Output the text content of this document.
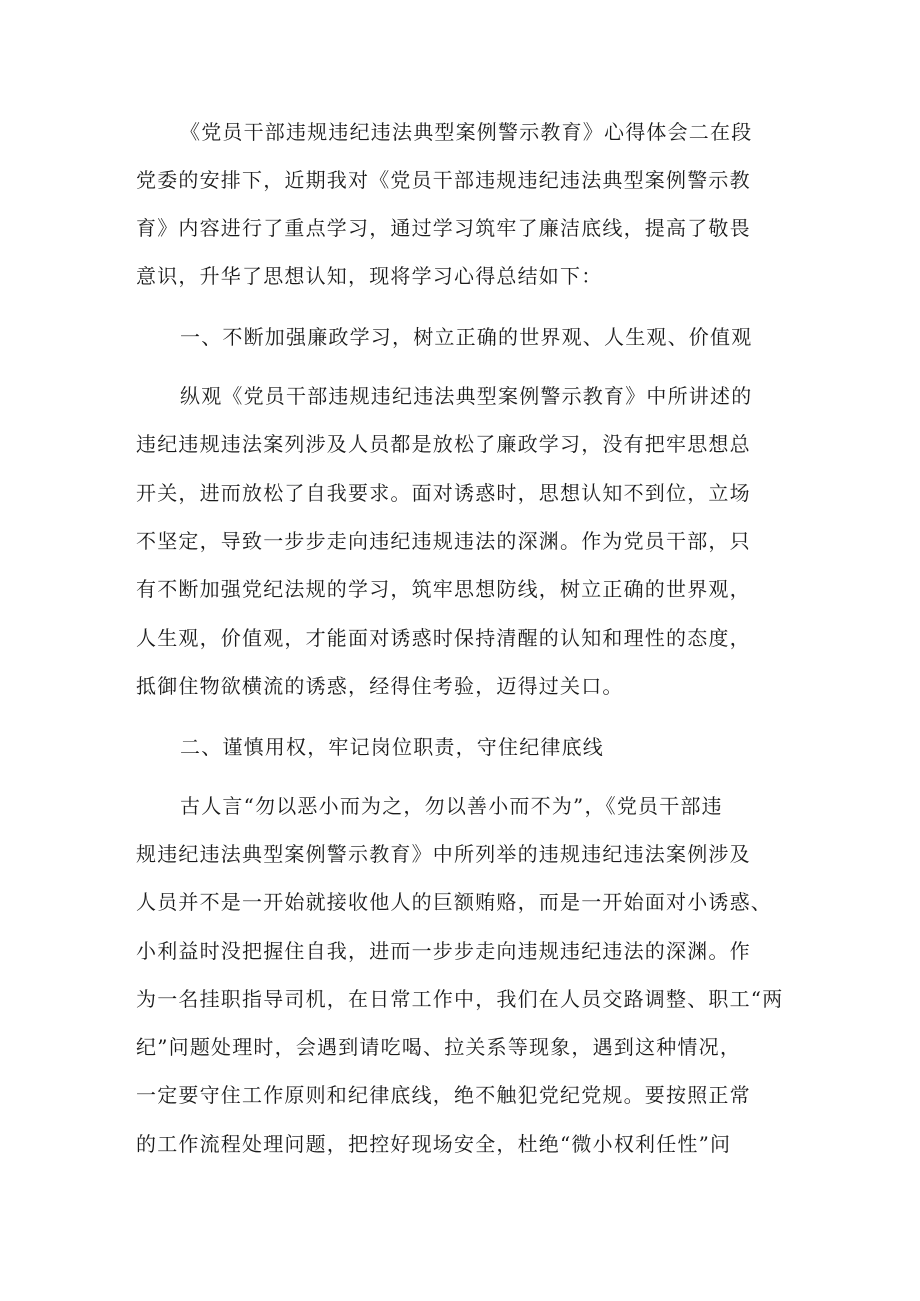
《党员干部违规违纪违法典型案例警示教育》心得体会二在段
党委的安排下，近期我对《党员干部违规违纪违法典型案例警示教
育》内容进行了重点学习，通过学习筑牢了廉洁底线，提高了敬畏
意识，升华了思想认知，现将学习心得总结如下：
一、不断加强廉政学习，树立正确的世界观、人生观、价值观
纵观《党员干部违规违纪违法典型案例警示教育》中所讲述的
违纪违规违法案列涉及人员都是放松了廉政学习，没有把牢思想总
开关，进而放松了自我要求。面对诱惑时，思想认知不到位，立场
不坚定，导致一步步走向违纪违规违法的深渊。作为党员干部，只
有不断加强党纪法规的学习，筑牢思想防线，树立正确的世界观，
人生观，价值观，才能面对诱惑时保持清醒的认知和理性的态度，
抵御住物欲横流的诱惑，经得住考验，迈得过关口。
二、谨慎用权，牢记岗位职责，守住纪律底线
古人言“勿以恶小而为之，勿以善小而不为”，《党员干部违
规违纪违法典型案例警示教育》中所列举的违规违纪违法案例涉及
人员并不是一开始就接收他人的巨额贿赂，而是一开始面对小诱惑、
小利益时没把握住自我，进而一步步走向违规违纪违法的深渊。作
为一名挂职指导司机，在日常工作中，我们在人员交路调整、职工“两
纪”问题处理时，会遇到请吃喝、拉关系等现象，遇到这种情况，
一定要守住工作原则和纪律底线，绝不触犯党纪党规。要按照正常
的工作流程处理问题，把控好现场安全，杜绝“微小权利任性”问
